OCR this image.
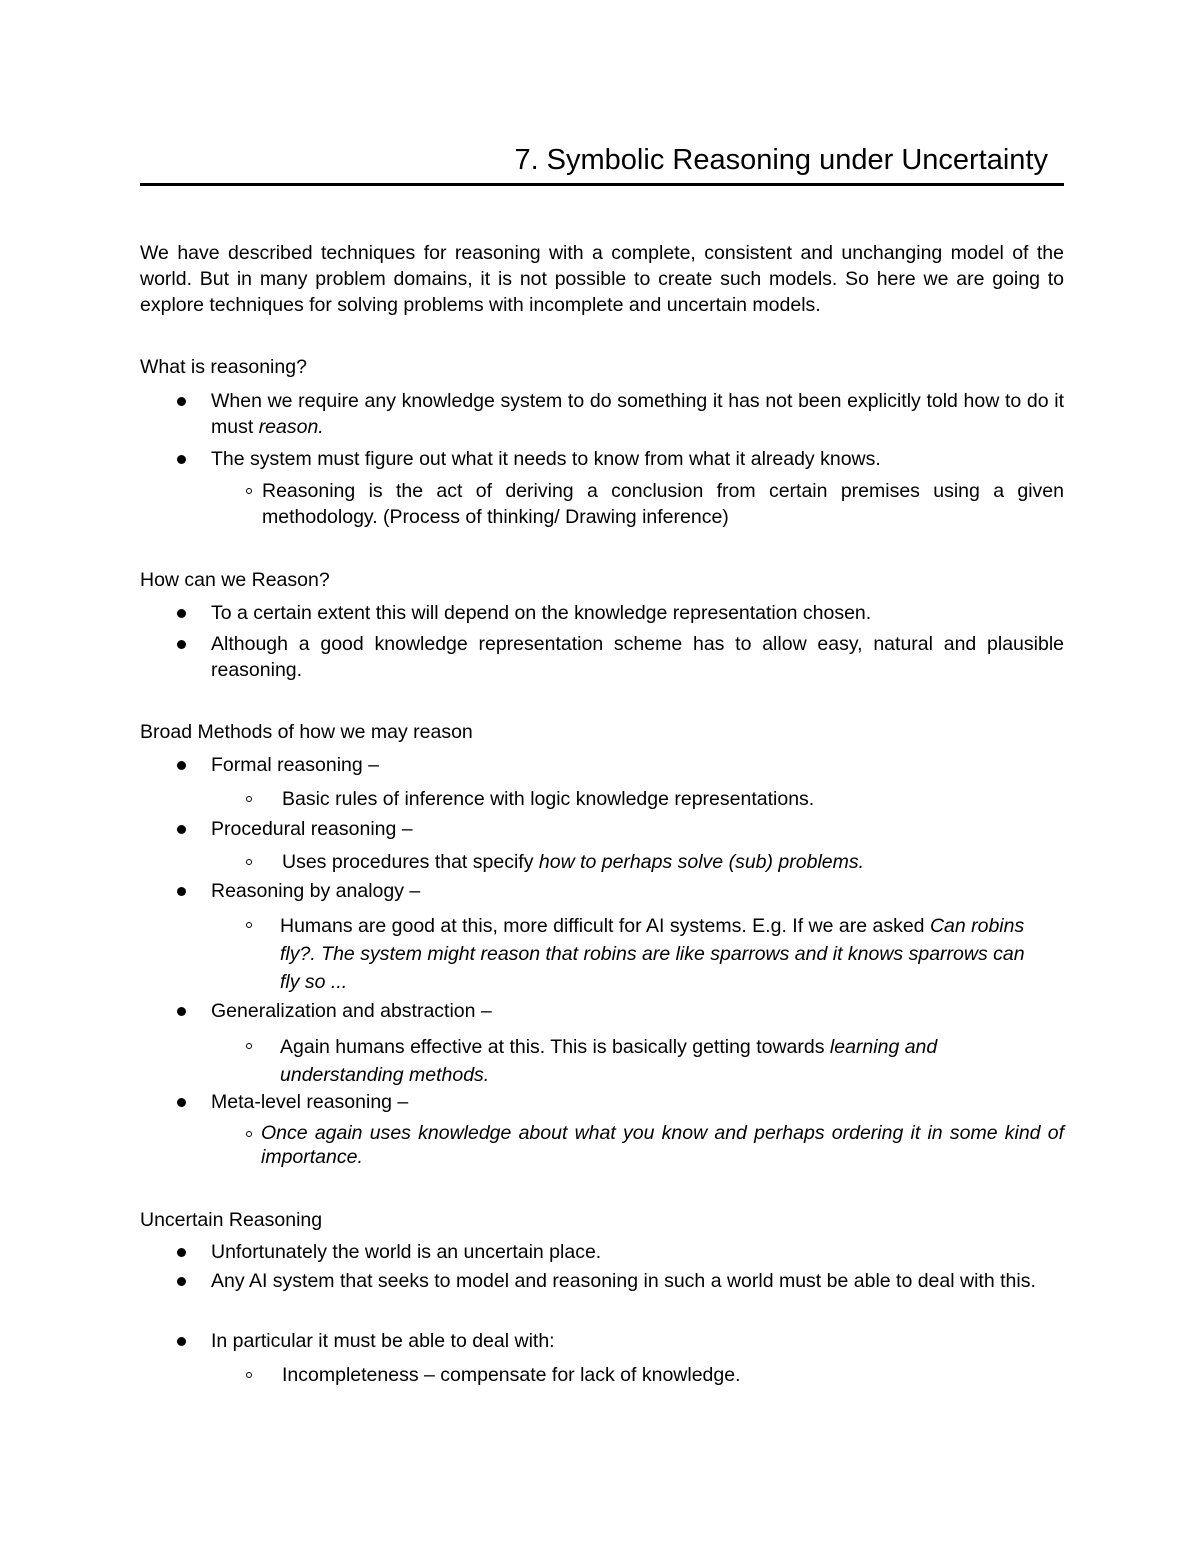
7. Symbolic Reasoning under Uncertainty
We have described techniques for reasoning with a complete, consistent and unchanging model of the world. But in many problem domains, it is not possible to create such models. So here we are going to explore techniques for solving problems with incomplete and uncertain models.
What is reasoning?
When we require any knowledge system to do something it has not been explicitly told how to do it must reason.
The system must figure out what it needs to know from what it already knows.
Reasoning is the act of deriving a conclusion from certain premises using a given methodology. (Process of thinking/ Drawing inference)
How can we Reason?
To a certain extent this will depend on the knowledge representation chosen.
Although a good knowledge representation scheme has to allow easy, natural and plausible reasoning.
Broad Methods of how we may reason
Formal reasoning –
Basic rules of inference with logic knowledge representations.
Procedural reasoning –
Uses procedures that specify how to perhaps solve (sub) problems.
Reasoning by analogy –
Humans are good at this, more difficult for AI systems. E.g. If we are asked Can robins fly?. The system might reason that robins are like sparrows and it knows sparrows can fly so ...
Generalization and abstraction –
Again humans effective at this. This is basically getting towards learning and understanding methods.
Meta-level reasoning –
Once again uses knowledge about what you know and perhaps ordering it in some kind of importance.
Uncertain Reasoning
Unfortunately the world is an uncertain place.
Any AI system that seeks to model and reasoning in such a world must be able to deal with this.
In particular it must be able to deal with:
Incompleteness – compensate for lack of knowledge.
